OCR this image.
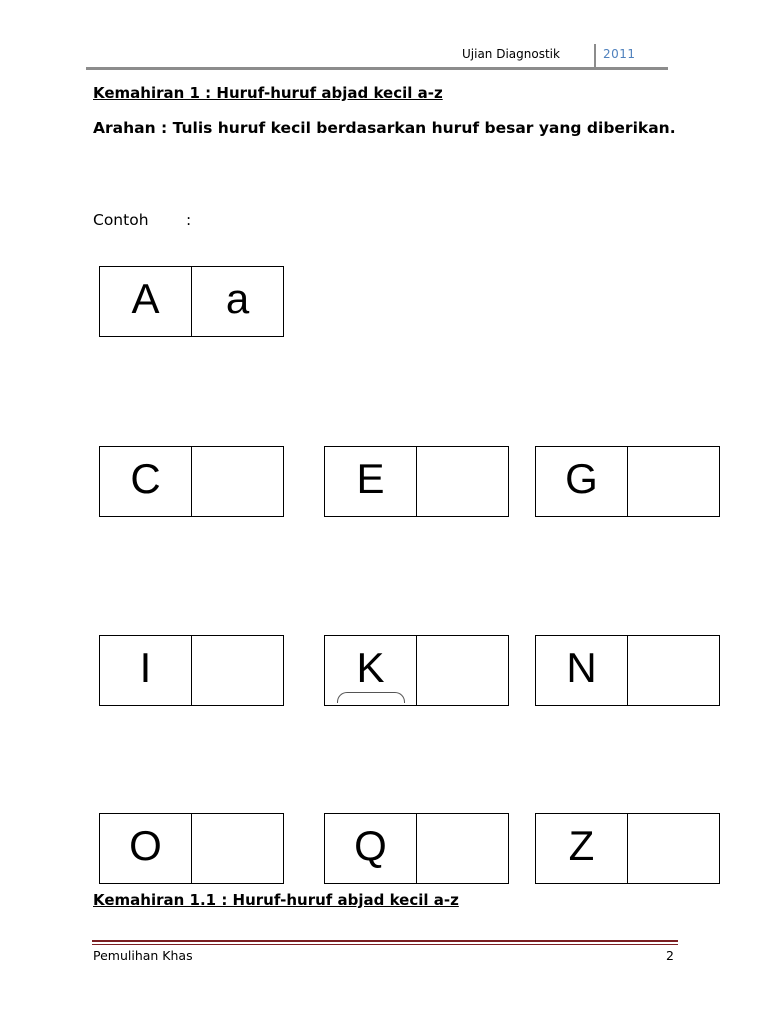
Ujian Diagnostik	2011
Kemahiran 1 : Huruf-huruf abjad kecil a-z
Arahan : Tulis huruf kecil berdasarkan huruf besar yang diberikan.
Contoh :
A	a
C	E	G
I	K	N
O	Q	Z
Kemahiran 1.1 : Huruf-huruf abjad kecil a-z
Pemulihan Khas	2
